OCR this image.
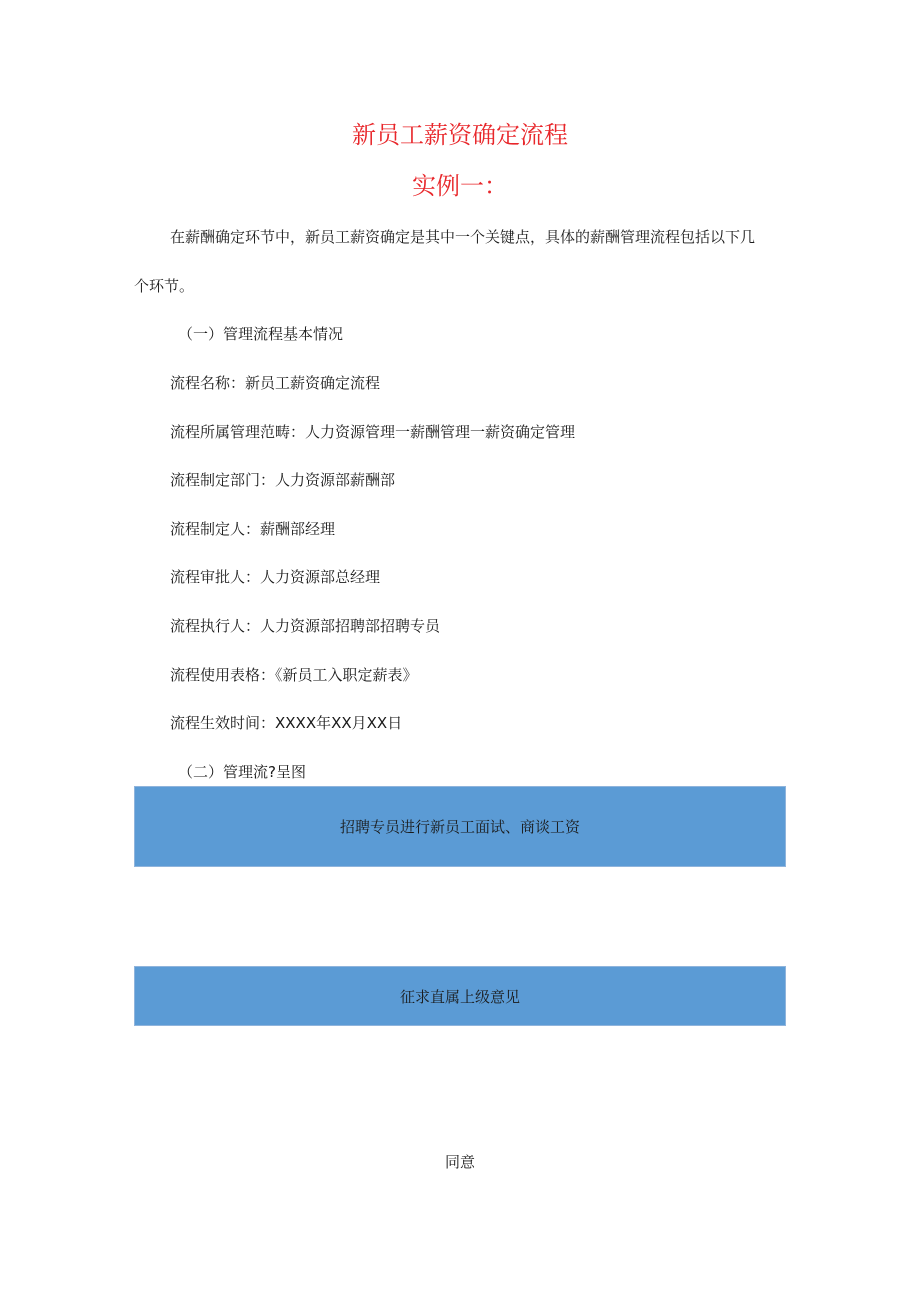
新员工薪资确定流程
实例一：

在薪酬确定环节中，新员工薪资确定是其中一个关键点，具体的薪酬管理流程包括以下几

个环节。

（一）管理流程基本情况

流程名称：新员工薪资确定流程

流程所属管理范畴：人力资源管理一薪酬管理一薪资确定管理

流程制定部门：人力资源部薪酬部

流程制定人：薪酬部经理

流程审批人：人力资源部总经理

流程执行人：人力资源部招聘部招聘专员

流程使用表格：《新员工入职定薪表》

流程生效时间：XXXX年XX月XX日

（二）管理流?呈图

招聘专员进行新员工面试、商谈工资
征求直属上级意见
同意
